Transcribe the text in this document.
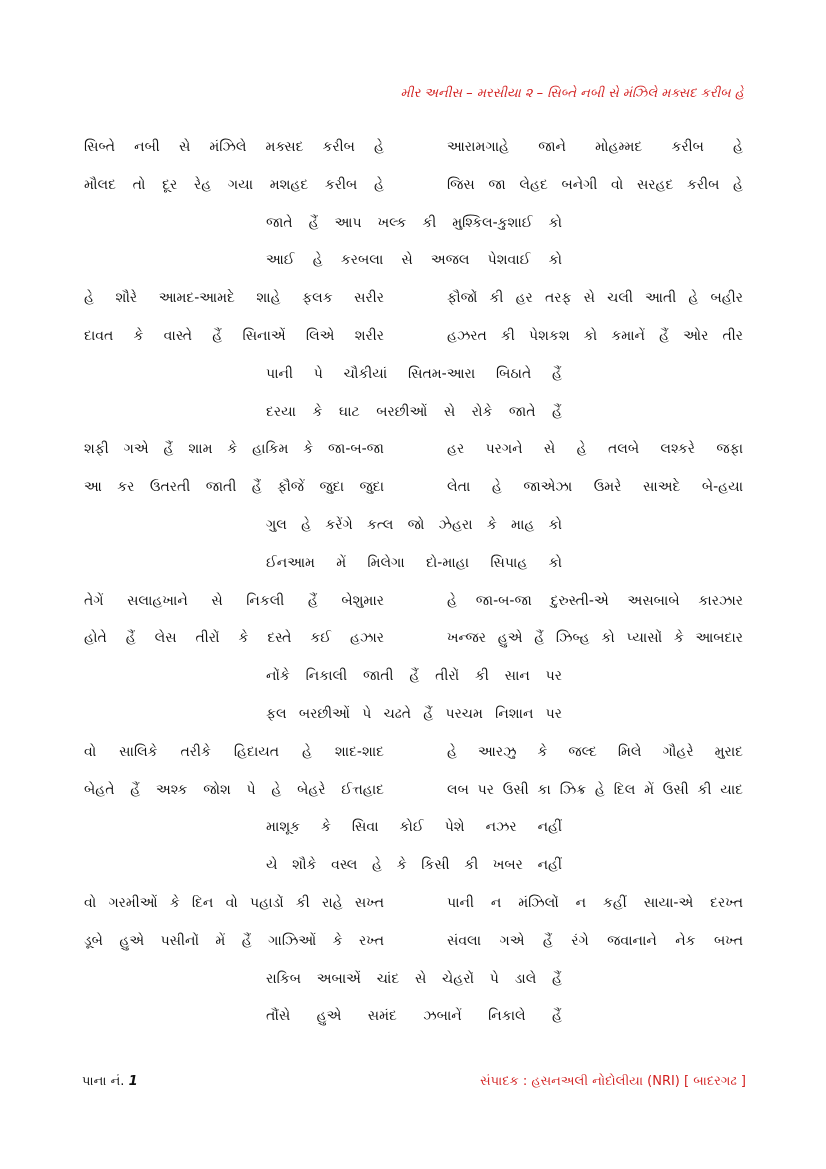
મીર અનીસ – મરસીયા ૨ – સિબ્તે નબી સે મંઝિલે મક્સદ કરીબ હે
સિબ્તે નબી સે મંઝિલે મક્સદ કરીબ હે	આરામગાહે જાને મોહમ્મદ કરીબ હે
મૌલદ તો દૂર રેહ ગયા મશહદ કરીબ હે	જિસ જા લેહદ બનેગી વો સરહદ કરીબ હે
જાતે હૈં આપ ખલ્ક કી મુશ્કિલ-કુશાઈ કો
આઈ હે કરબલા સે અજલ પેશવાઈ કો
હે શૌરે આમદ-આમદે શાહે ફલક સરીર	ફૌજોં કી હર તરફ સે ચલી આતી હે બહીર
દાવત કે વાસ્તે હૈં સિનાએં લિએ શરીર	હઝરત કી પેશકશ કો કમાનેં હૈં ઓર તીર
પાની પે ચૌકીયાં સિતમ-આરા બિઠાતે હૈં
દરયા કે ઘાટ બરછીઓં સે રોકે જાતે હૈં
શફી ગએ હૈં શામ કે હાકિમ કે જા-બ-જા	હર પરગને સે હે તલબે લશ્કરે જફા
આ કર ઉતરતી જાતી હૈં ફૌજેં જુદા જુદા	લેતા હે જાએઝા ઉમરે સાઅદે બે-હયા
ગુલ હે કરેંગે કત્લ જો ઝેહરા કે માહ કો
ઈનઆમ મેં મિલેગા દો-માહા સિપાહ કો
તેગેં સલાહખાને સે નિકલી હૈં બેશુમાર	હે જા-બ-જા દુરુસ્તી-એ અસબાબે કારઝાર
હોતે હૈં લેસ તીરોં કે દસ્તે કઈ હઝાર	ખન્જર હુએ હૈં ઝિબ્હ કો પ્યાસોં કે આબદાર
નોંકે નિકાલી જાતી હૈં તીરોં કી સાન પર
ફલ બરછીઓં પે ચઢતે હૈં પરચમ નિશાન પર
વો સાલિકે તરીકે હિદાયત હે શાદ-શાદ	હે આરઝુ કે જલ્દ મિલે ગૌહરે મુરાદ
બેહતે હૈં અશ્ક જોશ પે હે બેહરે ઈત્તહાદ	લબ પર ઉસી કા ઝિક્ર હે દિલ મેં ઉસી કી યાદ
માશૂક કે સિવા કોઈ પેશે નઝર નહીં
યે શૌકે વસ્લ હે કે કિસી કી ખબર નહીં
વો ગરમીઓં કે દિન વો પહાડોં કી રાહે સખ્ત	પાની ન મંઝિલોં ન કહીં સાયા-એ દરખ્ત
ડૂબે હુએ પસીનોં મેં હૈં ગાઝિઓં કે રખ્ત	સંવલા ગએ હૈં રંગે જવાનાને નેક બખ્ત
રાકિબ અબાએં ચાંદ સે ચેહરોં પે ડાલે હૈં
તૌંસે હુએ સમંદ ઝબાનેં નિકાલે હૈં
પાના નં. 1	સંપાદક : હસનઅલી નોદોલીયા (NRI) [ બાદરગઢ ]
